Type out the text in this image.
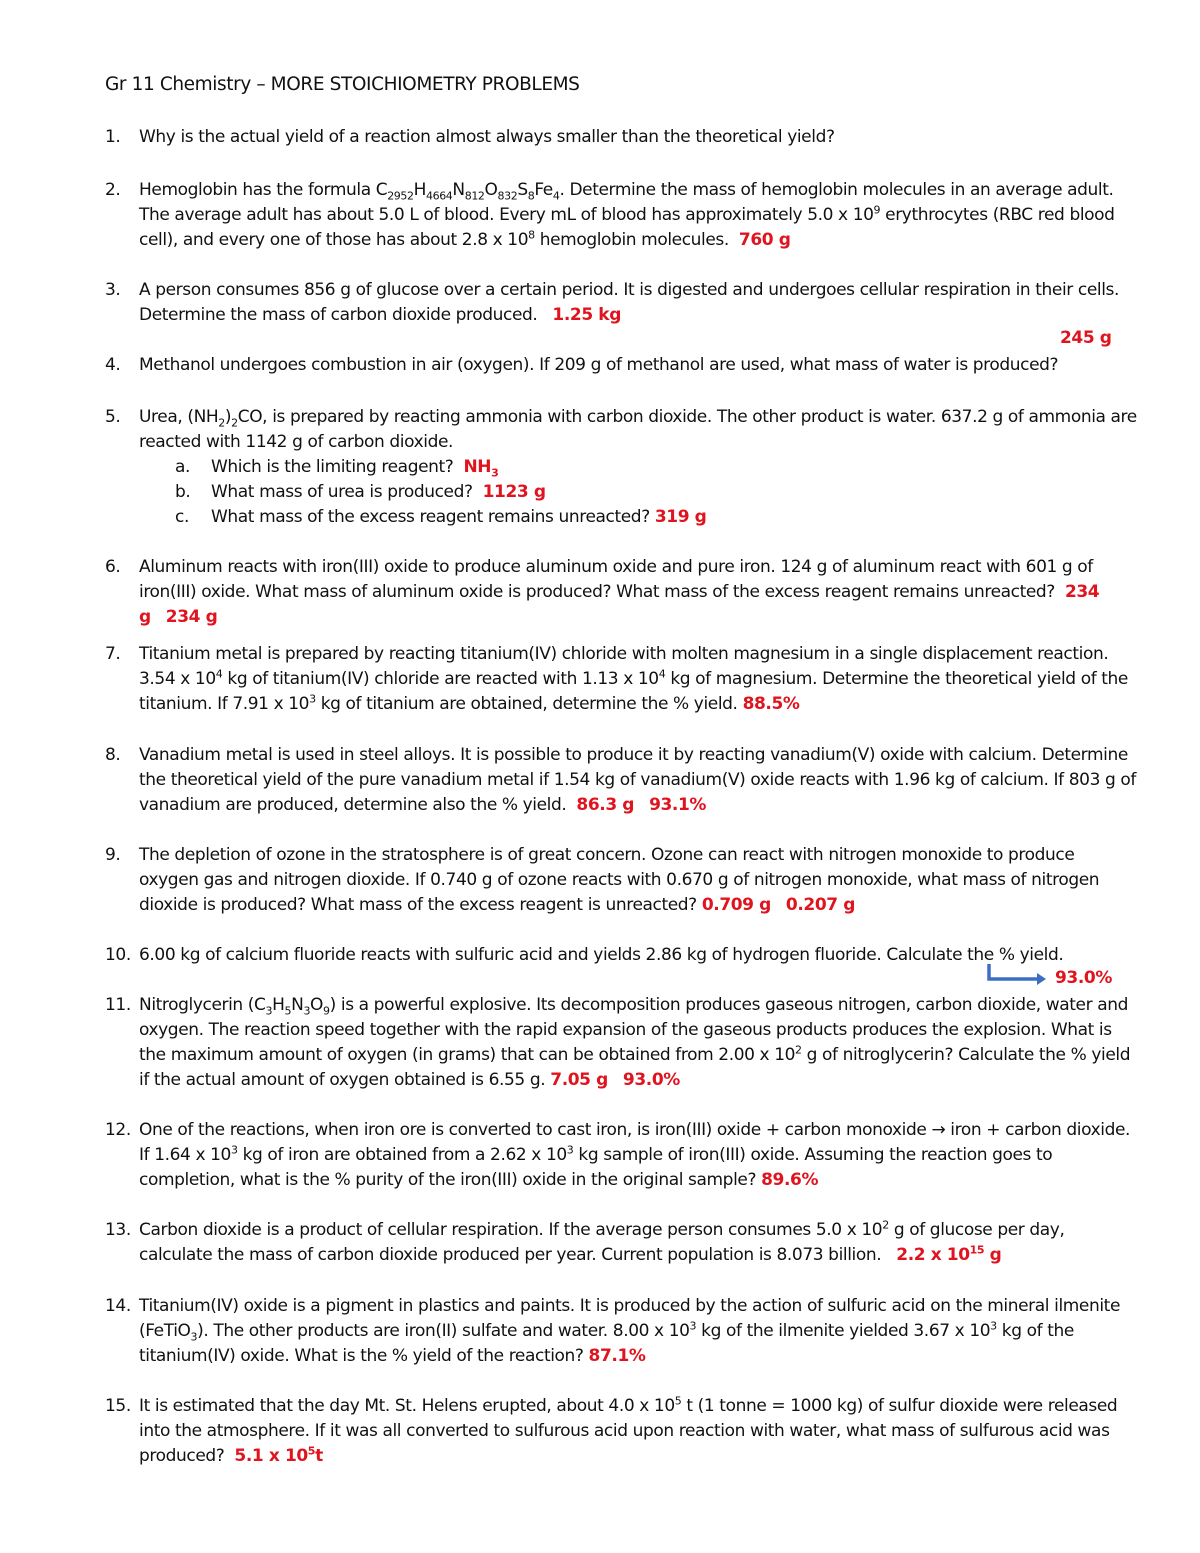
Gr 11 Chemistry – MORE STOICHIOMETRY PROBLEMS
1.	Why is the actual yield of a reaction almost always smaller than the theoretical yield?
2.	Hemoglobin has the formula $C_{2952}H_{4664}N_{812}O_{832}S_8Fe_4$. Determine the mass of hemoglobin molecules in an average adult. The average adult has about 5.0 L of blood. Every mL of blood has approximately 5.0 x $10^9$ erythrocytes (RBC red blood cell), and every one of those has about 2.8 x $10^8$ hemoglobin molecules. 760 g
3.	A person consumes 856 g of glucose over a certain period. It is digested and undergoes cellular respiration in their cells. Determine the mass of carbon dioxide produced. 1.25 kg
245 g
4.	Methanol undergoes combustion in air (oxygen). If 209 g of methanol are used, what mass of water is produced?
5.	Urea, $(NH_2)_2CO$, is prepared by reacting ammonia with carbon dioxide. The other product is water. 637.2 g of ammonia are reacted with 1142 g of carbon dioxide.
a. Which is the limiting reagent? $NH_3$
b. What mass of urea is produced? 1123 g
c. What mass of the excess reagent remains unreacted? 319 g
6.	Aluminum reacts with iron(III) oxide to produce aluminum oxide and pure iron. 124 g of aluminum react with 601 g of iron(III) oxide. What mass of aluminum oxide is produced? What mass of the excess reagent remains unreacted? 234 g 234 g
7.	Titanium metal is prepared by reacting titanium(IV) chloride with molten magnesium in a single displacement reaction. 3.54 x $10^4$ kg of titanium(IV) chloride are reacted with 1.13 x $10^4$ kg of magnesium. Determine the theoretical yield of the titanium. If 7.91 x $10^3$ kg of titanium are obtained, determine the % yield. 88.5%
8.	Vanadium metal is used in steel alloys. It is possible to produce it by reacting vanadium(V) oxide with calcium. Determine the theoretical yield of the pure vanadium metal if 1.54 kg of vanadium(V) oxide reacts with 1.96 kg of calcium. If 803 g of vanadium are produced, determine also the % yield. 86.3 g 93.1%
9.	The depletion of ozone in the stratosphere is of great concern. Ozone can react with nitrogen monoxide to produce oxygen gas and nitrogen dioxide. If 0.740 g of ozone reacts with 0.670 g of nitrogen monoxide, what mass of nitrogen dioxide is produced? What mass of the excess reagent is unreacted? 0.709 g 0.207 g
10. 6.00 kg of calcium fluoride reacts with sulfuric acid and yields 2.86 kg of hydrogen fluoride. Calculate the % yield.
93.0%
11. Nitroglycerin $(C_3H_5N_3O_9)$ is a powerful explosive. Its decomposition produces gaseous nitrogen, carbon dioxide, water and oxygen. The reaction speed together with the rapid expansion of the gaseous products produces the explosion. What is the maximum amount of oxygen (in grams) that can be obtained from 2.00 x $10^2$ g of nitroglycerin? Calculate the % yield if the actual amount of oxygen obtained is 6.55 g. 7.05 g 93.0%
12. One of the reactions, when iron ore is converted to cast iron, is iron(III) oxide + carbon monoxide → iron + carbon dioxide. If 1.64 x $10^3$ kg of iron are obtained from a 2.62 x $10^3$ kg sample of iron(III) oxide. Assuming the reaction goes to completion, what is the % purity of the iron(III) oxide in the original sample? 89.6%
13. Carbon dioxide is a product of cellular respiration. If the average person consumes 5.0 x $10^2$ g of glucose per day, calculate the mass of carbon dioxide produced per year. Current population is 8.073 billion. 2.2 x $10^{15}$ g
14. Titanium(IV) oxide is a pigment in plastics and paints. It is produced by the action of sulfuric acid on the mineral ilmenite (FeTiO$_3$). The other products are iron(II) sulfate and water. 8.00 x $10^3$ kg of the ilmenite yielded 3.67 x $10^3$ kg of the titanium(IV) oxide. What is the % yield of the reaction? 87.1%
15. It is estimated that the day Mt. St. Helens erupted, about 4.0 x $10^5$ t (1 tonne = 1000 kg) of sulfur dioxide were released into the atmosphere. If it was all converted to sulfurous acid upon reaction with water, what mass of sulfurous acid was produced? 5.1 x $10^5t$
